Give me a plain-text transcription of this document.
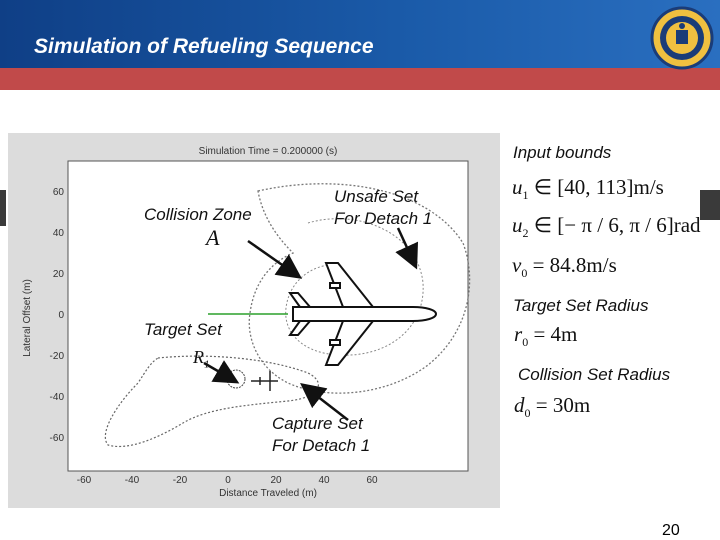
Simulation of Refueling Sequence
Simulation Time = 0.200000 (s)
Distance Traveled (m)
Lateral Offset (m)
60
40
20
0
-20
-40
-60
-60	-40	-20	0	20	40	60
Collision Zone
A
Unsafe Set
For Detach 1
Target Set
$R_1$
Capture Set
For Detach 1
Input bounds
$u_1$ ∈ [40, 113]m/s
$u_2$ ∈ [− π / 6, π / 6]rad
$v_0 = 84.8m/s$
Target Set Radius
$r_0 = 4m$
Collision Set Radius
$d_0 = 30m$
20
